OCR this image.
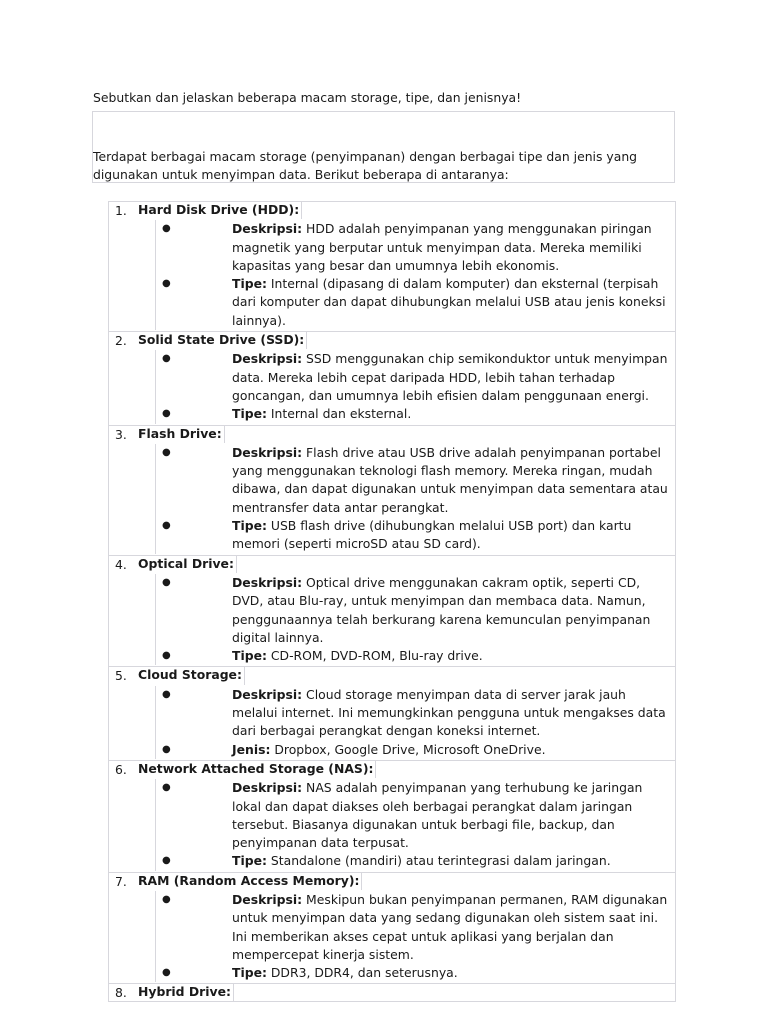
Sebutkan dan jelaskan beberapa macam storage, tipe, dan jenisnya!
Terdapat berbagai macam storage (penyimpanan) dengan berbagai tipe dan jenis yang digunakan untuk menyimpan data. Berikut beberapa di antaranya:
1. Hard Disk Drive (HDD):
●	Deskripsi: HDD adalah penyimpanan yang menggunakan piringan magnetik yang berputar untuk menyimpan data. Mereka memiliki kapasitas yang besar dan umumnya lebih ekonomis.
●	Tipe: Internal (dipasang di dalam komputer) dan eksternal (terpisah dari komputer dan dapat dihubungkan melalui USB atau jenis koneksi lainnya).
2. Solid State Drive (SSD):
●	Deskripsi: SSD menggunakan chip semikonduktor untuk menyimpan data. Mereka lebih cepat daripada HDD, lebih tahan terhadap goncangan, dan umumnya lebih efisien dalam penggunaan energi.
●	Tipe: Internal dan eksternal.
3. Flash Drive:
●	Deskripsi: Flash drive atau USB drive adalah penyimpanan portabel yang menggunakan teknologi flash memory. Mereka ringan, mudah dibawa, dan dapat digunakan untuk menyimpan data sementara atau mentransfer data antar perangkat.
●	Tipe: USB flash drive (dihubungkan melalui USB port) dan kartu memori (seperti microSD atau SD card).
4. Optical Drive:
●	Deskripsi: Optical drive menggunakan cakram optik, seperti CD, DVD, atau Blu-ray, untuk menyimpan dan membaca data. Namun, penggunaannya telah berkurang karena kemunculan penyimpanan digital lainnya.
●	Tipe: CD-ROM, DVD-ROM, Blu-ray drive.
5. Cloud Storage:
●	Deskripsi: Cloud storage menyimpan data di server jarak jauh melalui internet. Ini memungkinkan pengguna untuk mengakses data dari berbagai perangkat dengan koneksi internet.
●	Jenis: Dropbox, Google Drive, Microsoft OneDrive.
6. Network Attached Storage (NAS):
●	Deskripsi: NAS adalah penyimpanan yang terhubung ke jaringan lokal dan dapat diakses oleh berbagai perangkat dalam jaringan tersebut. Biasanya digunakan untuk berbagi file, backup, dan penyimpanan data terpusat.
●	Tipe: Standalone (mandiri) atau terintegrasi dalam jaringan.
7. RAM (Random Access Memory):
●	Deskripsi: Meskipun bukan penyimpanan permanen, RAM digunakan untuk menyimpan data yang sedang digunakan oleh sistem saat ini. Ini memberikan akses cepat untuk aplikasi yang berjalan dan mempercepat kinerja sistem.
●	Tipe: DDR3, DDR4, dan seterusnya.
8. Hybrid Drive:
